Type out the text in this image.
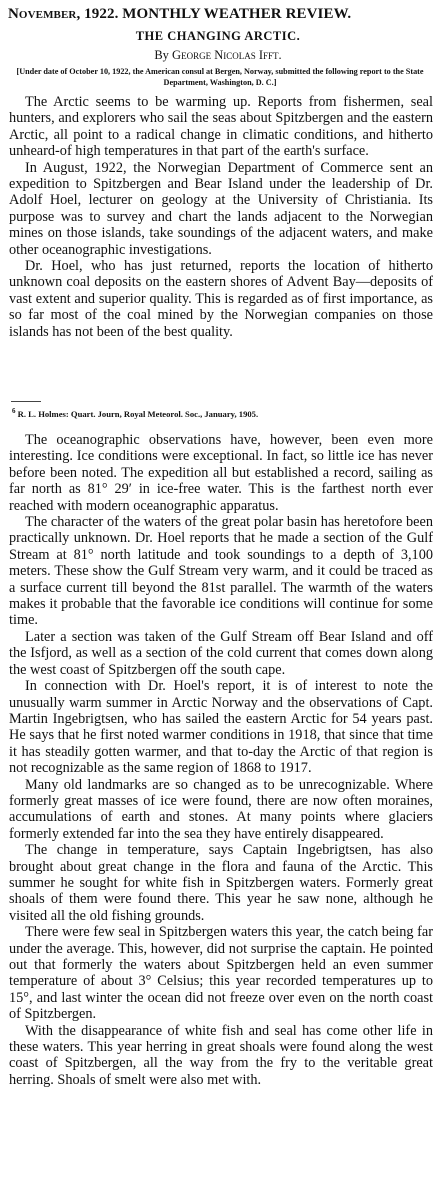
November, 1922. MONTHLY WEATHER REVIEW.
THE CHANGING ARCTIC.
By George Nicolas Ifft.
[Under date of October 10, 1922, the American consul at Bergen, Norway, submitted the following report to the State Department, Washington, D. C.]

The Arctic seems to be warming up. Reports from fishermen, seal hunters, and explorers who sail the seas about Spitzbergen and the eastern Arctic, all point to a radical change in climatic conditions, and hitherto unheard-of high temperatures in that part of the earth's surface.

In August, 1922, the Norwegian Department of Commerce sent an expedition to Spitzbergen and Bear Island under the leadership of Dr. Adolf Hoel, lecturer on geology at the University of Christiania. Its purpose was to survey and chart the lands adjacent to the Norwegian mines on those islands, take soundings of the adjacent waters, and make other oceanographic investigations.

Dr. Hoel, who has just returned, reports the location of hitherto unknown coal deposits on the eastern shores of Advent Bay—deposits of vast extent and superior quality. This is regarded as of first importance, as so far most of the coal mined by the Norwegian companies on those islands has not been of the best quality.

$^6$ R. L. Holmes: Quart. Journ, Royal Meteorol. Soc., January, 1905.

The oceanographic observations have, however, been even more interesting. Ice conditions were exceptional. In fact, so little ice has never before been noted. The expedition all but established a record, sailing as far north as 81° 29′ in ice-free water. This is the farthest north ever reached with modern oceanographic apparatus.

The character of the waters of the great polar basin has heretofore been practically unknown. Dr. Hoel reports that he made a section of the Gulf Stream at 81° north latitude and took soundings to a depth of 3,100 meters. These show the Gulf Stream very warm, and it could be traced as a surface current till beyond the 81st parallel. The warmth of the waters makes it probable that the favorable ice conditions will continue for some time.

Later a section was taken of the Gulf Stream off Bear Island and off the Isfjord, as well as a section of the cold current that comes down along the west coast of Spitzbergen off the south cape.

In connection with Dr. Hoel's report, it is of interest to note the unusually warm summer in Arctic Norway and the observations of Capt. Martin Ingebrigtsen, who has sailed the eastern Arctic for 54 years past. He says that he first noted warmer conditions in 1918, that since that time it has steadily gotten warmer, and that to-day the Arctic of that region is not recognizable as the same region of 1868 to 1917.

Many old landmarks are so changed as to be unrecognizable. Where formerly great masses of ice were found, there are now often moraines, accumulations of earth and stones. At many points where glaciers formerly extended far into the sea they have entirely disappeared.

The change in temperature, says Captain Ingebrigtsen, has also brought about great change in the flora and fauna of the Arctic. This summer he sought for white fish in Spitzbergen waters. Formerly great shoals of them were found there. This year he saw none, although he visited all the old fishing grounds.

There were few seal in Spitzbergen waters this year, the catch being far under the average. This, however, did not surprise the captain. He pointed out that formerly the waters about Spitzbergen held an even summer temperature of about 3° Celsius; this year recorded temperatures up to 15°, and last winter the ocean did not freeze over even on the north coast of Spitzbergen.

With the disappearance of white fish and seal has come other life in these waters. This year herring in great shoals were found along the west coast of Spitzbergen, all the way from the fry to the veritable great herring. Shoals of smelt were also met with.
